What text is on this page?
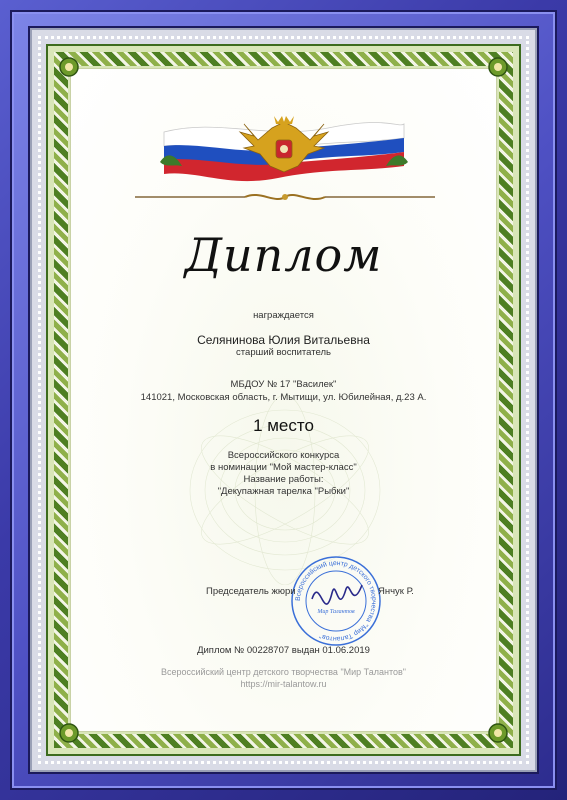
Диплом
награждается
Селянинова Юлия Витальевна
старший воспитатель
МБДОУ № 17 "Василек"
141021, Московская область, г. Мытищи, ул. Юбилейная, д.23 А.
1 место
Всероссийского конкурса
в номинации "Мой мастер-класс"
Название работы:
"Декупажная тарелка "Рыбки"
Всероссийский центр детского творчества "Мир Талантов"
Мир Талантов
Председатель жюри	Янчук Р.
Диплом № 00228707 выдан 01.06.2019
Всероссийский центр детского творчества "Мир Талантов"
https://mir-talantow.ru
